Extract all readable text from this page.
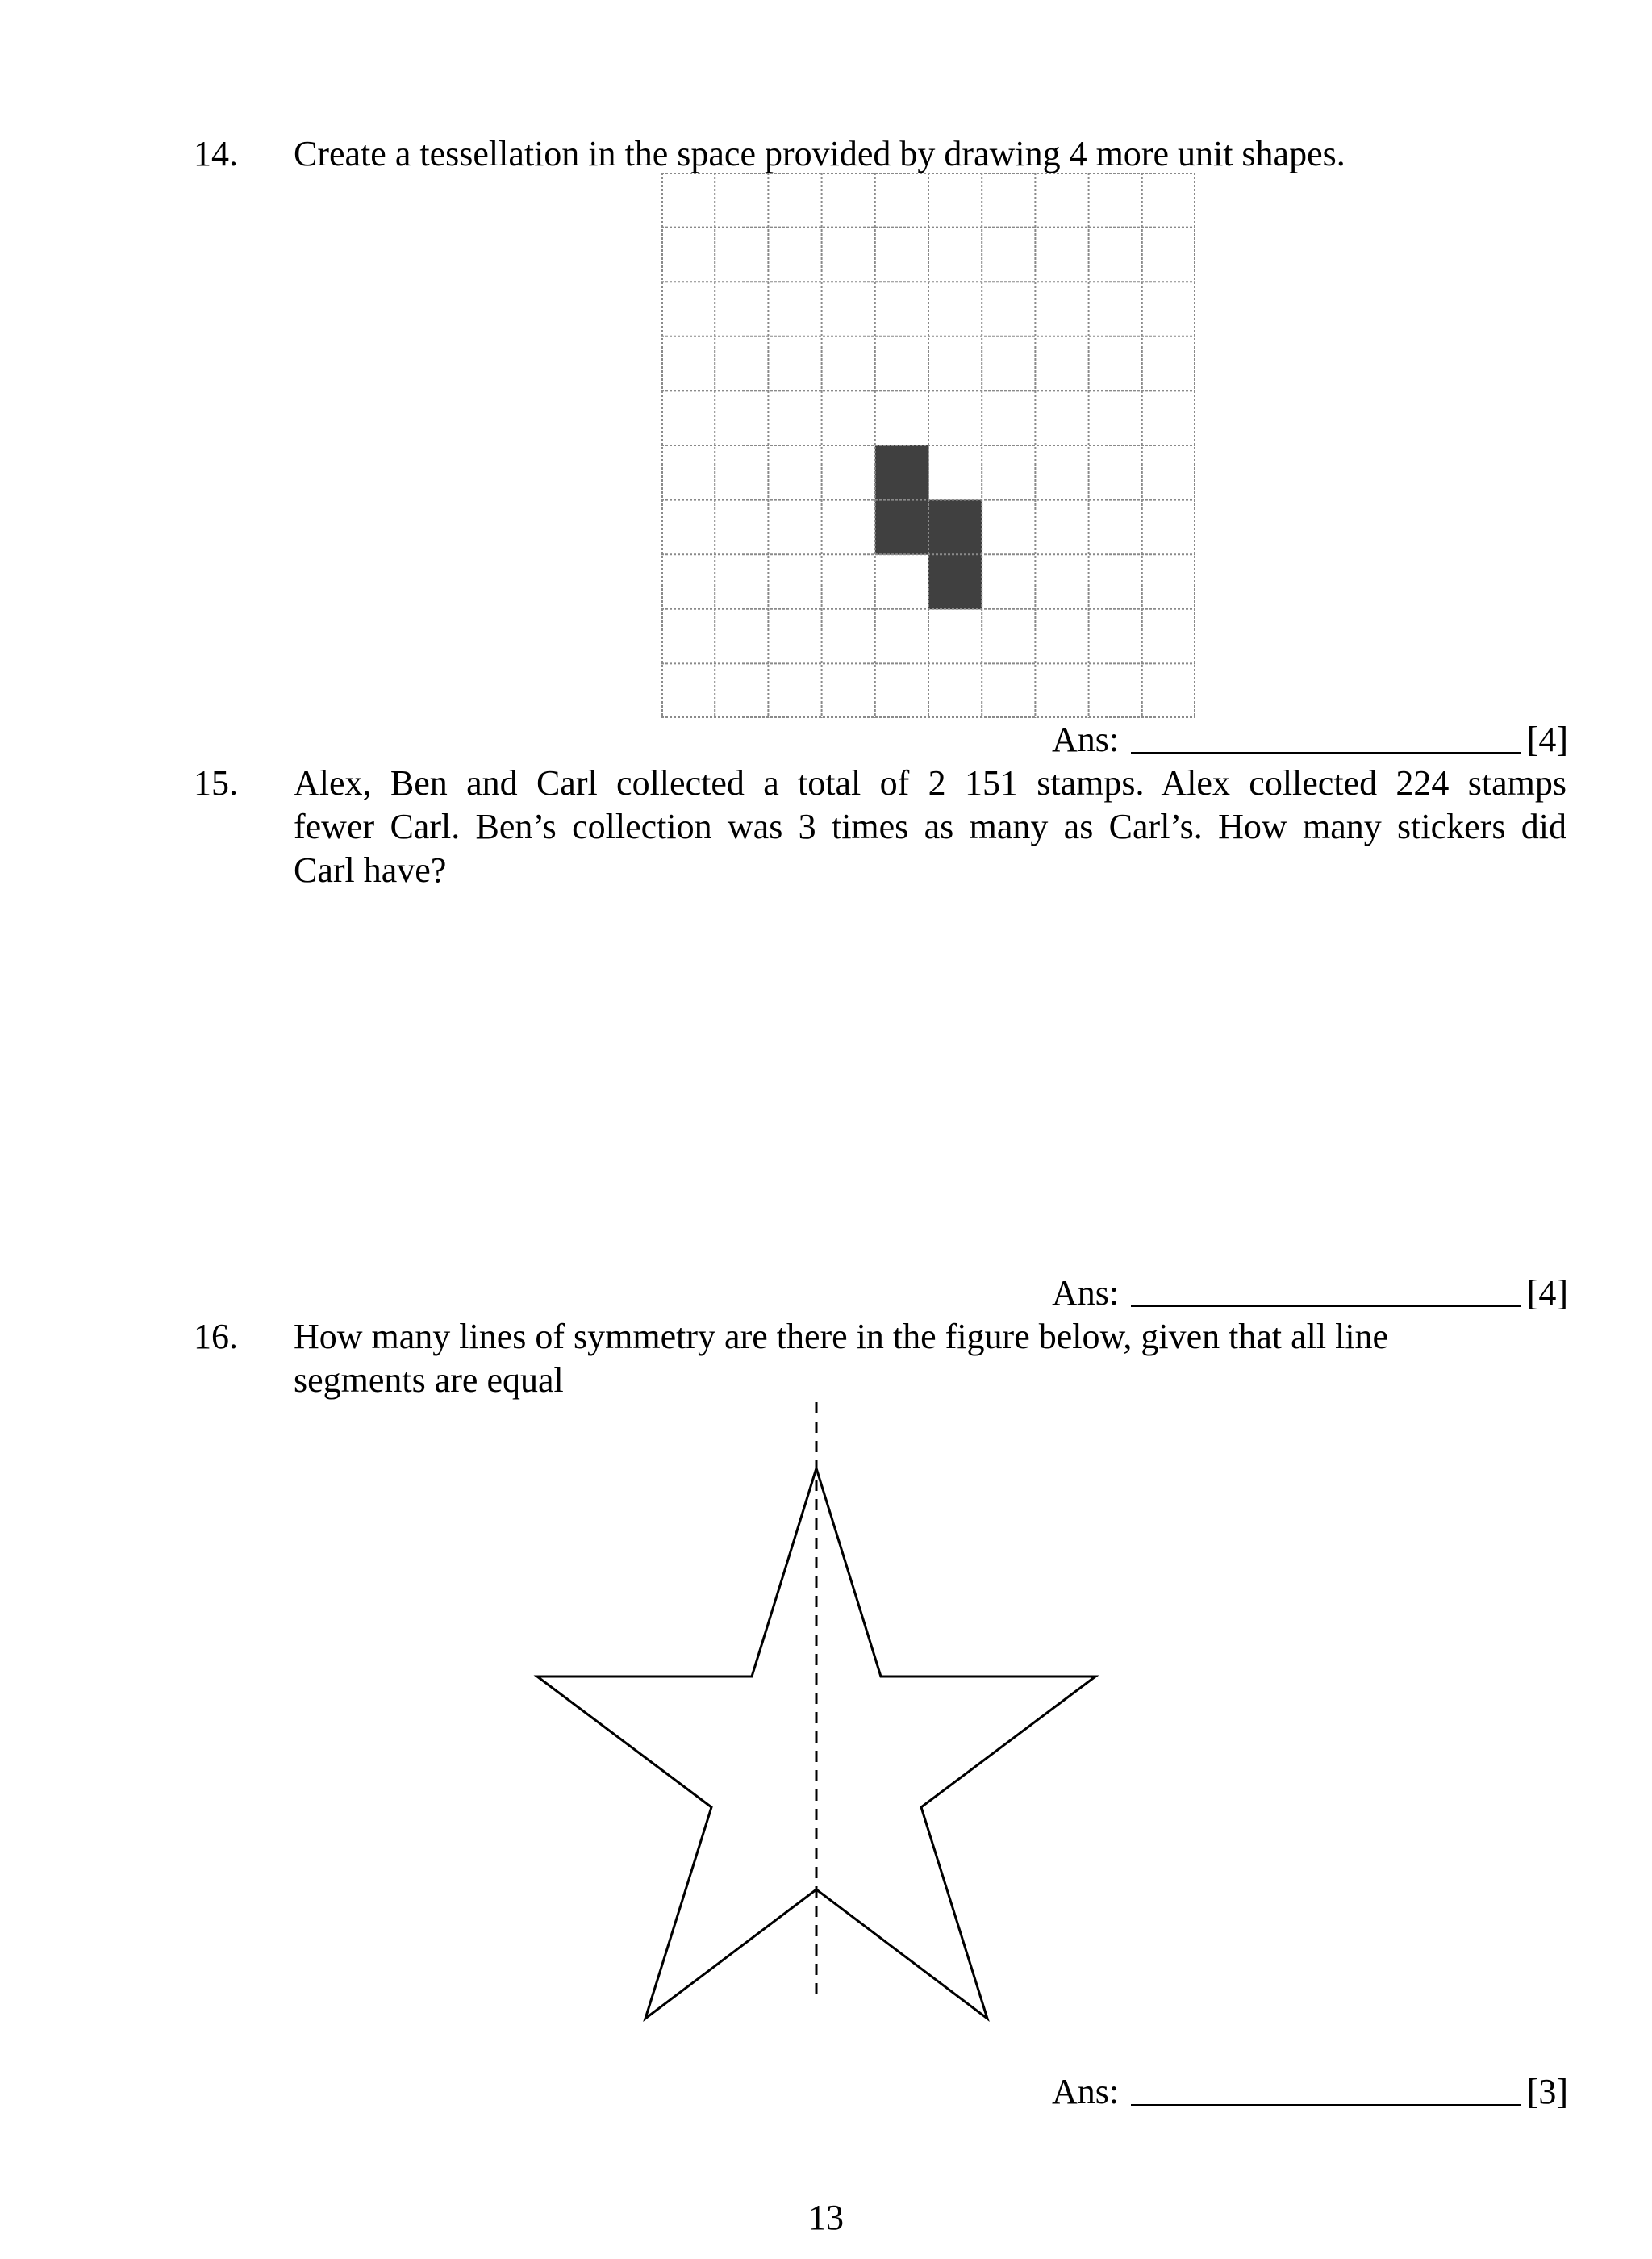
14. Create a tessellation in the space provided by drawing 4 more unit shapes.
Ans:	[4]
15. Alex, Ben and Carl collected a total of 2 151 stamps. Alex collected 224 stamps
fewer Carl. Ben’s collection was 3 times as many as Carl’s. How many stickers did
Carl have?
Ans:	[4]
16. How many lines of symmetry are there in the figure below, given that all line
segments are equal
Ans:	[3]
13
